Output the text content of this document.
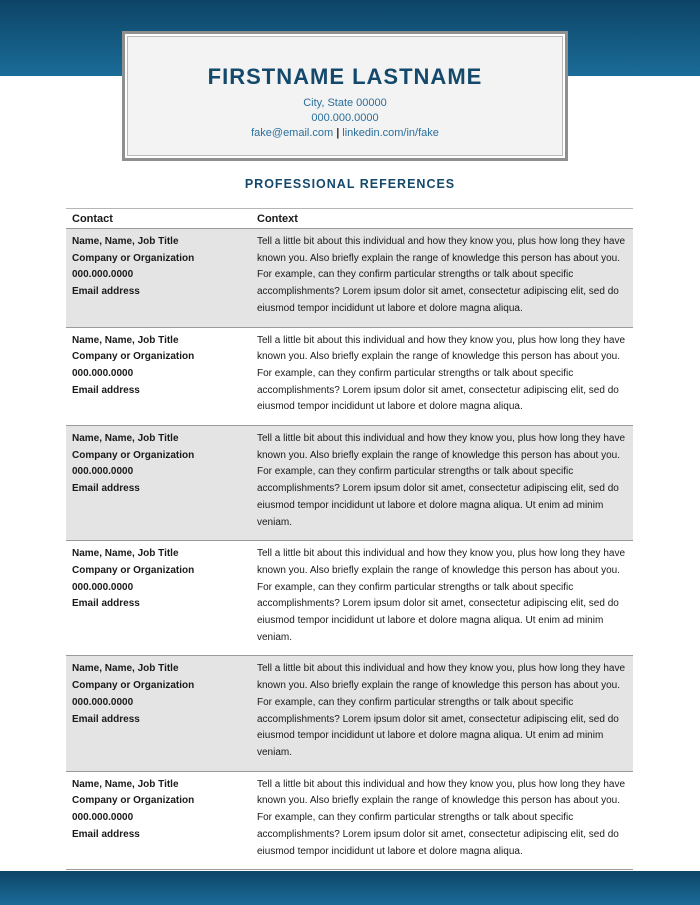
FIRSTNAME LASTNAME
City, State 00000
000.000.0000
fake@email.com | linkedin.com/in/fake
PROFESSIONAL REFERENCES
Contact	Context
Name, Name, Job Title
Company or Organization
000.000.0000
Email address
Tell a little bit about this individual and how they know you, plus how long they have known you. Also briefly explain the range of knowledge this person has about you. For example, can they confirm particular strengths or talk about specific accomplishments? Lorem ipsum dolor sit amet, consectetur adipiscing elit, sed do eiusmod tempor incididunt ut labore et dolore magna aliqua.
Name, Name, Job Title
Company or Organization
000.000.0000
Email address
Tell a little bit about this individual and how they know you, plus how long they have known you. Also briefly explain the range of knowledge this person has about you. For example, can they confirm particular strengths or talk about specific accomplishments? Lorem ipsum dolor sit amet, consectetur adipiscing elit, sed do eiusmod tempor incididunt ut labore et dolore magna aliqua.
Name, Name, Job Title
Company or Organization
000.000.0000
Email address
Tell a little bit about this individual and how they know you, plus how long they have known you. Also briefly explain the range of knowledge this person has about you. For example, can they confirm particular strengths or talk about specific accomplishments? Lorem ipsum dolor sit amet, consectetur adipiscing elit, sed do eiusmod tempor incididunt ut labore et dolore magna aliqua. Ut enim ad minim veniam.
Name, Name, Job Title
Company or Organization
000.000.0000
Email address
Tell a little bit about this individual and how they know you, plus how long they have known you. Also briefly explain the range of knowledge this person has about you. For example, can they confirm particular strengths or talk about specific accomplishments? Lorem ipsum dolor sit amet, consectetur adipiscing elit, sed do eiusmod tempor incididunt ut labore et dolore magna aliqua. Ut enim ad minim veniam.
Name, Name, Job Title
Company or Organization
000.000.0000
Email address
Tell a little bit about this individual and how they know you, plus how long they have known you. Also briefly explain the range of knowledge this person has about you. For example, can they confirm particular strengths or talk about specific accomplishments? Lorem ipsum dolor sit amet, consectetur adipiscing elit, sed do eiusmod tempor incididunt ut labore et dolore magna aliqua. Ut enim ad minim veniam.
Name, Name, Job Title
Company or Organization
000.000.0000
Email address
Tell a little bit about this individual and how they know you, plus how long they have known you. Also briefly explain the range of knowledge this person has about you. For example, can they confirm particular strengths or talk about specific accomplishments? Lorem ipsum dolor sit amet, consectetur adipiscing elit, sed do eiusmod tempor incididunt ut labore et dolore magna aliqua.
